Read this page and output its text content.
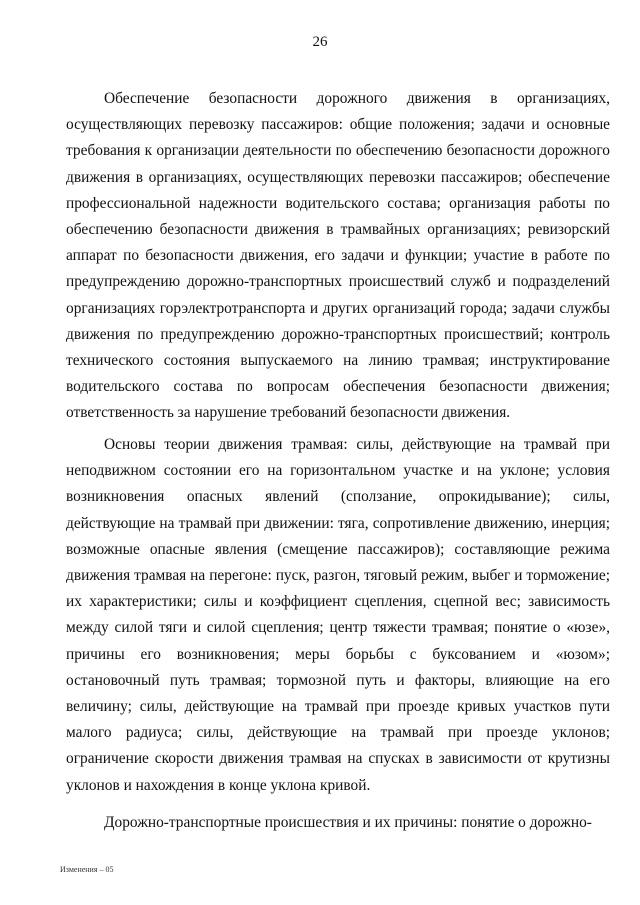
26

Обеспечение безопасности дорожного движения в организациях, осуществляющих перевозку пассажиров: общие положения; задачи и основные требования к организации деятельности по обеспечению безопасности дорожного движения в организациях, осуществляющих перевозки пассажиров; обеспечение профессиональной надежности водительского состава; организация работы по обеспечению безопасности движения в трамвайных организациях; ревизорский аппарат по безопасности движения, его задачи и функции; участие в работе по предупреждению дорожно-транспортных происшествий служб и подразделений организациях горэлектротранспорта и других организаций города; задачи службы движения по предупреждению дорожно-транспортных происшествий; контроль технического состояния выпускаемого на линию трамвая; инструктирование водительского состава по вопросам обеспечения безопасности движения; ответственность за нарушение требований безопасности движения.

Основы теории движения трамвая: силы, действующие на трамвай при неподвижном состоянии его на горизонтальном участке и на уклоне; условия возникновения опасных явлений (сползание, опрокидывание); силы, действующие на трамвай при движении: тяга, сопротивление движению, инерция; возможные опасные явления (смещение пассажиров); составляющие режима движения трамвая на перегоне: пуск, разгон, тяговый режим, выбег и торможение; их характеристики; силы и коэффициент сцепления, сцепной вес; зависимость между силой тяги и силой сцепления; центр тяжести трамвая; понятие о «юзе», причины его возникновения; меры борьбы с буксованием и «юзом»; остановочный путь трамвая; тормозной путь и факторы, влияющие на его величину; силы, действующие на трамвай при проезде кривых участков пути малого радиуса; силы, действующие на трамвай при проезде уклонов; ограничение скорости движения трамвая на спусках в зависимости от крутизны уклонов и нахождения в конце уклона кривой.

Дорожно-транспортные происшествия и их причины: понятие о дорожно-

Изменения – 05
